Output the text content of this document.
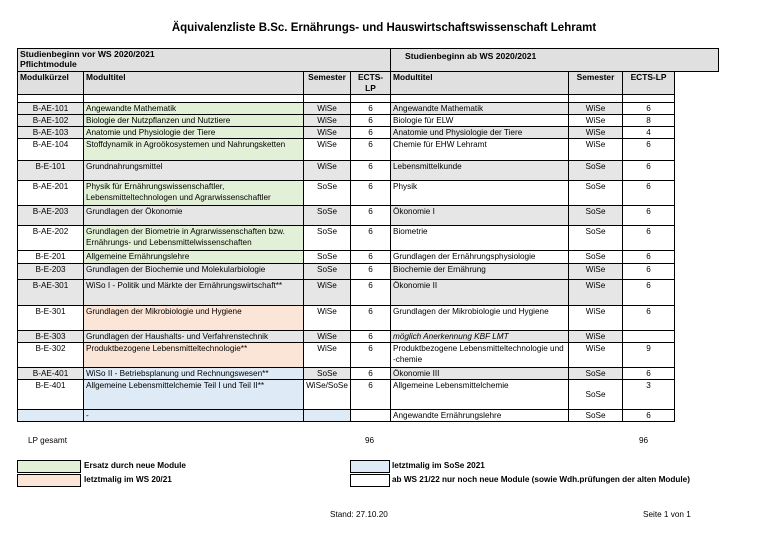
Äquivalenzliste B.Sc. Ernährungs- und Hauswirtschaftswissenschaft Lehramt
Studienbeginn vor WS 2020/2021
Pflichtmodule				Studienbeginn ab WS 2020/2021			
Modulkürzel	Modultitel	Semester	ECTS-LP	Modultitel	Semester	ECTS-LP	

B-AE-101	Angewandte Mathematik	WiSe	6	Angewandte Mathematik	WiSe	6	
B-AE-102	Biologie der Nutzpflanzen und Nutztiere	WiSe	6	Biologie für ELW	WiSe	8	
B-AE-103	Anatomie und Physiologie der Tiere	WiSe	6	Anatomie und Physiologie der Tiere	WiSe	4	
B-AE-104	Stoffdynamik in Agroökosystemen und Nahrungsketten	WiSe	6	Chemie für EHW Lehramt	WiSe	6	
B-E-101	Grundnahrungsmittel	WiSe	6	Lebensmittelkunde	SoSe	6	
B-AE-201	Physik für Ernährungswissenschaftler, Lebensmitteltechnologen und Agrarwissenschaftler	SoSe	6	Physik	SoSe	6	
B-AE-203	Grundlagen der Ökonomie	SoSe	6	Ökonomie I	SoSe	6	
B-AE-202	Grundlagen der Biometrie in Agrarwissenschaften bzw. Ernährungs- und Lebensmittelwissenschaften	SoSe	6	Biometrie	SoSe	6	
B-E-201	Allgemeine Ernährungslehre	SoSe	6	Grundlagen der Ernährungsphysiologie	SoSe	6	
B-E-203	Grundlagen der Biochemie und Molekularbiologie	SoSe	6	Biochemie der Ernährung	WiSe	6	
B-AE-301	WiSo I - Politik und Märkte der Ernährungswirtschaft**	WiSe	6	Ökonomie II	WiSe	6	
B-E-301	Grundlagen der Mikrobiologie und Hygiene	WiSe	6	Grundlagen der Mikrobiologie und Hygiene	WiSe	6	
B-E-303	Grundlagen der Haushalts- und Verfahrenstechnik	WiSe	6	möglich Anerkennung KBF LMT	WiSe		
B-E-302	Produktbezogene Lebensmitteltechnologie**	WiSe	6	Produktbezogene Lebensmitteltechnologie und -chemie	WiSe	9	
B-AE-401	WiSo II - Betriebsplanung und Rechnungswesen**	SoSe	6	Ökonomie III	SoSe	6	
B-E-401	Allgemeine Lebensmittelchemie Teil I und Teil II**	WiSe/SoSe	6	Allgemeine Lebensmittelchemie	SoSe	3	
	-			Angewandte Ernährungslehre	SoSe	6	
LP gesamt	96	96
Ersatz durch neue Module
letztmalig im WS 20/21
letztmalig im SoSe 2021
ab WS 21/22 nur noch neue Module (sowie Wdh.prüfungen der alten Module)
Stand: 27.10.20	Seite 1 von 1
